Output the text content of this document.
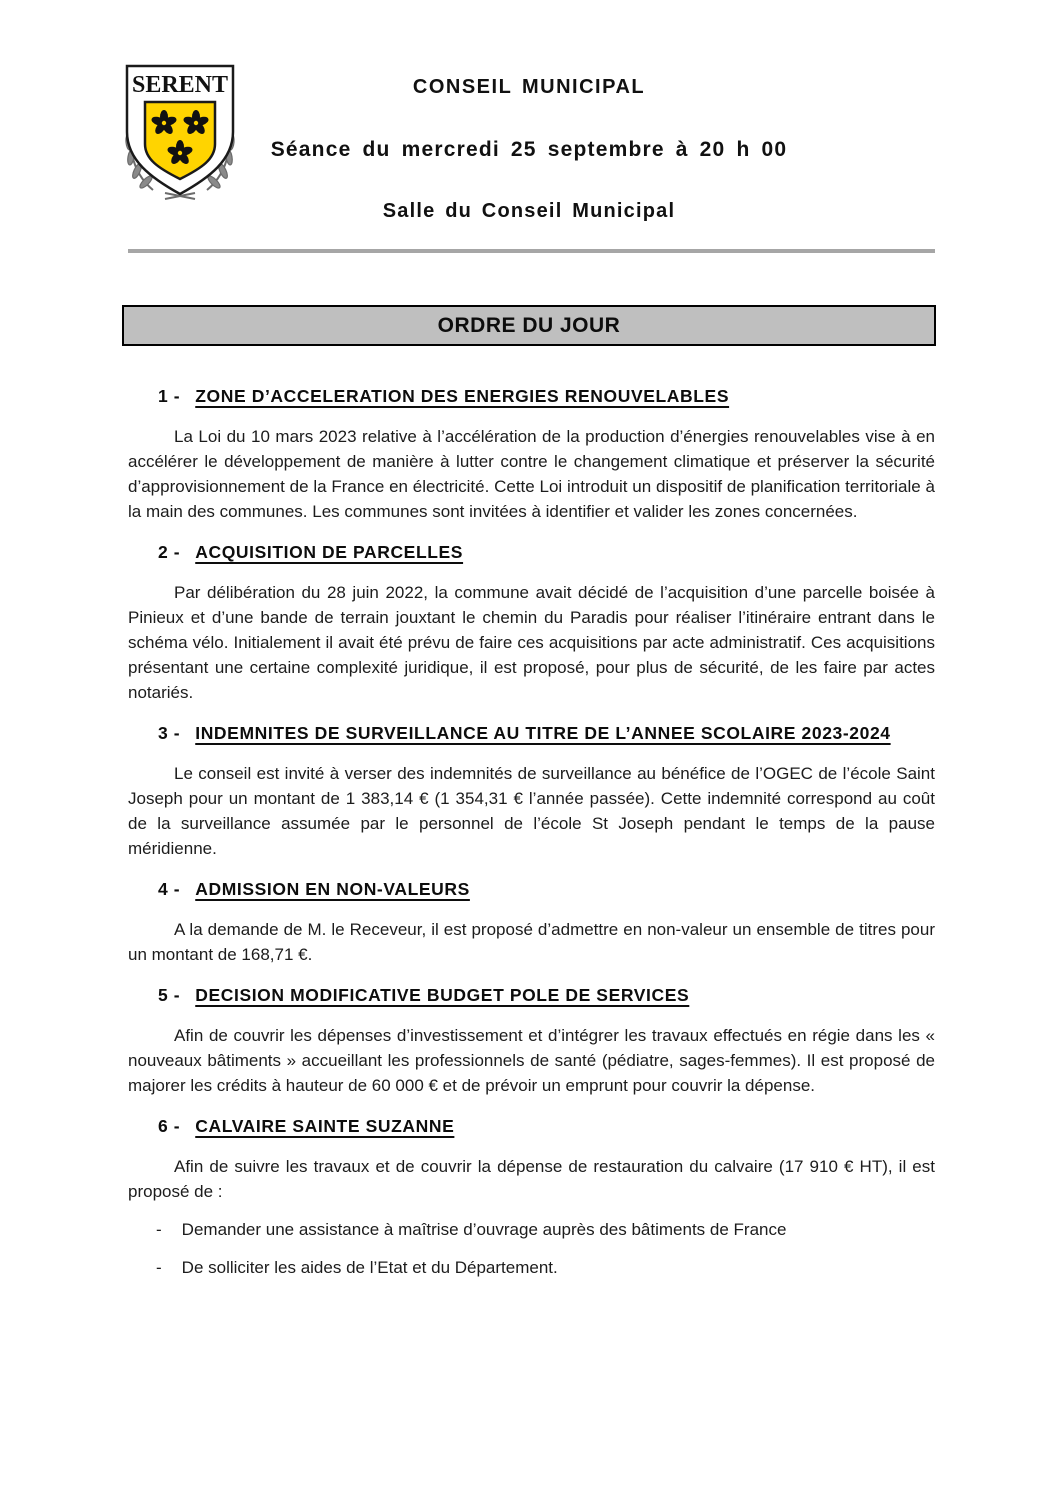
SERENT	CONSEIL MUNICIPAL
Séance du mercredi 25 septembre à 20 h 00
Salle du Conseil Municipal
ORDRE DU JOUR
1 - ZONE D’ACCELERATION DES ENERGIES RENOUVELABLES

La Loi du 10 mars 2023 relative à l’accélération de la production d’énergies renouvelables vise à en accélérer le développement de manière à lutter contre le changement climatique et préserver la sécurité d’approvisionnement de la France en électricité. Cette Loi introduit un dispositif de planification territoriale à la main des communes. Les communes sont invitées à identifier et valider les zones concernées.

2 - ACQUISITION DE PARCELLES

Par délibération du 28 juin 2022, la commune avait décidé de l’acquisition d’une parcelle boisée à Pinieux et d’une bande de terrain jouxtant le chemin du Paradis pour réaliser l’itinéraire entrant dans le schéma vélo. Initialement il avait été prévu de faire ces acquisitions par acte administratif. Ces acquisitions présentant une certaine complexité juridique, il est proposé, pour plus de sécurité, de les faire par actes notariés.

3 - INDEMNITES DE SURVEILLANCE AU TITRE DE L’ANNEE SCOLAIRE 2023-2024

Le conseil est invité à verser des indemnités de surveillance au bénéfice de l’OGEC de l’école Saint Joseph pour un montant de 1 383,14 € (1 354,31 € l’année passée). Cette indemnité correspond au coût de la surveillance assumée par le personnel de l’école St Joseph pendant le temps de la pause méridienne.

4 - ADMISSION EN NON-VALEURS

A la demande de M. le Receveur, il est proposé d’admettre en non-valeur un ensemble de titres pour un montant de 168,71 €.

5 - DECISION MODIFICATIVE BUDGET POLE DE SERVICES

Afin de couvrir les dépenses d’investissement et d’intégrer les travaux effectués en régie dans les « nouveaux bâtiments » accueillant les professionnels de santé (pédiatre, sages-femmes). Il est proposé de majorer les crédits à hauteur de 60 000 € et de prévoir un emprunt pour couvrir la dépense.

6 - CALVAIRE SAINTE SUZANNE

Afin de suivre les travaux et de couvrir la dépense de restauration du calvaire (17 910 € HT), il est proposé de :

- Demander une assistance à maîtrise d’ouvrage auprès des bâtiments de France
- De solliciter les aides de l’Etat et du Département.
